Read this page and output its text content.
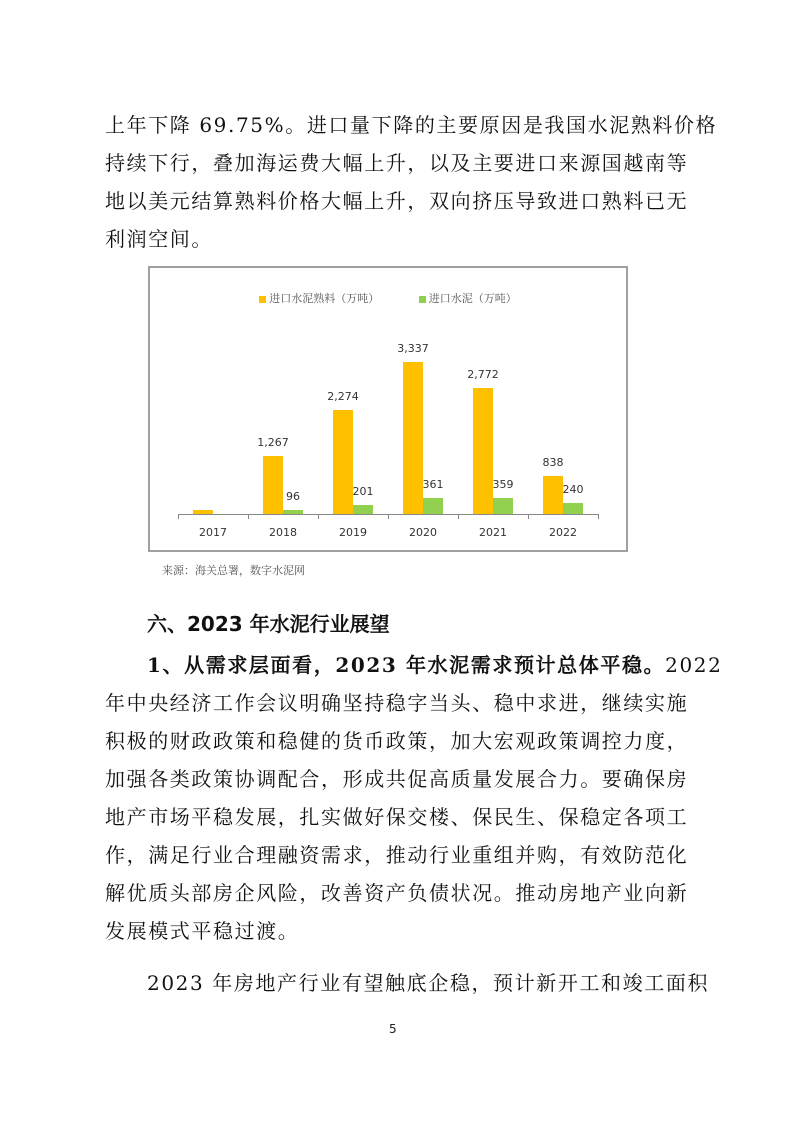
上年下降 69.75%。进口量下降的主要原因是我国水泥熟料价格
持续下行，叠加海运费大幅上升，以及主要进口来源国越南等
地以美元结算熟料价格大幅上升，双向挤压导致进口熟料已无
利润空间。
进口水泥熟料（万吨）	进口水泥（万吨）
2017
1,267
96
2018
2,274
201
2019
3,337
361
2020
2,772
359
2021
838
240
2022
来源：海关总署，数字水泥网
六、2023 年水泥行业展望
1、从需求层面看，2023 年水泥需求预计总体平稳。2022
年中央经济工作会议明确坚持稳字当头、稳中求进，继续实施
积极的财政政策和稳健的货币政策，加大宏观政策调控力度，
加强各类政策协调配合，形成共促高质量发展合力。要确保房
地产市场平稳发展，扎实做好保交楼、保民生、保稳定各项工
作，满足行业合理融资需求，推动行业重组并购，有效防范化
解优质头部房企风险，改善资产负债状况。推动房地产业向新
发展模式平稳过渡。
2023 年房地产行业有望触底企稳，预计新开工和竣工面积
5
